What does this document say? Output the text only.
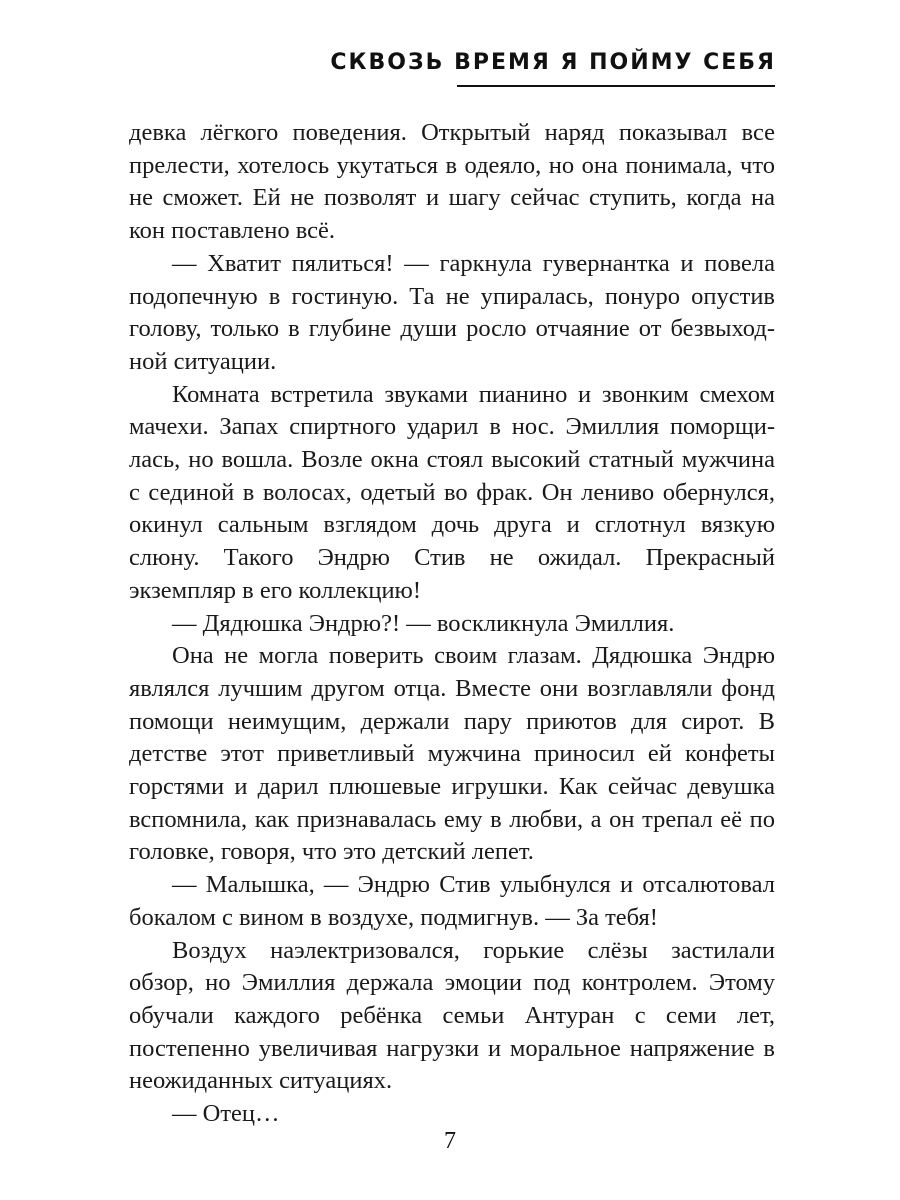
СКВОЗЬ ВРЕМЯ Я ПОЙМУ СЕБЯ

девка лёгкого поведения. Открытый наряд показывал все прелести, хотелось укутаться в одеяло, но она понимала, что не сможет. Ей не позволят и шагу сейчас ступить, когда на кон поставлено всё.

— Хватит пялиться! — гаркнула гувернантка и повела подопечную в гостиную. Та не упиралась, понуро опустив голову, только в глубине души росло отчаяние от безвыходной ситуации.

Комната встретила звуками пианино и звонким смехом мачехи. Запах спиртного ударил в нос. Эмиллия поморщилась, но вошла. Возле окна стоял высокий статный мужчина с сединой в волосах, одетый во фрак. Он лениво обернулся, окинул сальным взглядом дочь друга и сглотнул вязкую слюну. Такого Эндрю Стив не ожидал. Прекрасный экземпляр в его коллекцию!

— Дядюшка Эндрю?! — воскликнула Эмиллия.

Она не могла поверить своим глазам. Дядюшка Эндрю являлся лучшим другом отца. Вместе они возглавляли фонд помощи неимущим, держали пару приютов для сирот. В детстве этот приветливый мужчина приносил ей конфеты горстями и дарил плюшевые игрушки. Как сейчас девушка вспомнила, как признавалась ему в любви, а он трепал её по головке, говоря, что это детский лепет.

— Малышка, — Эндрю Стив улыбнулся и отсалютовал бокалом с вином в воздухе, подмигнув. — За тебя!

Воздух наэлектризовался, горькие слёзы застилали обзор, но Эмиллия держала эмоции под контролем. Этому обучали каждого ребёнка семьи Антуран с семи лет, постепенно увеличивая нагрузки и моральное напряжение в неожиданных ситуациях.

— Отец…

7
